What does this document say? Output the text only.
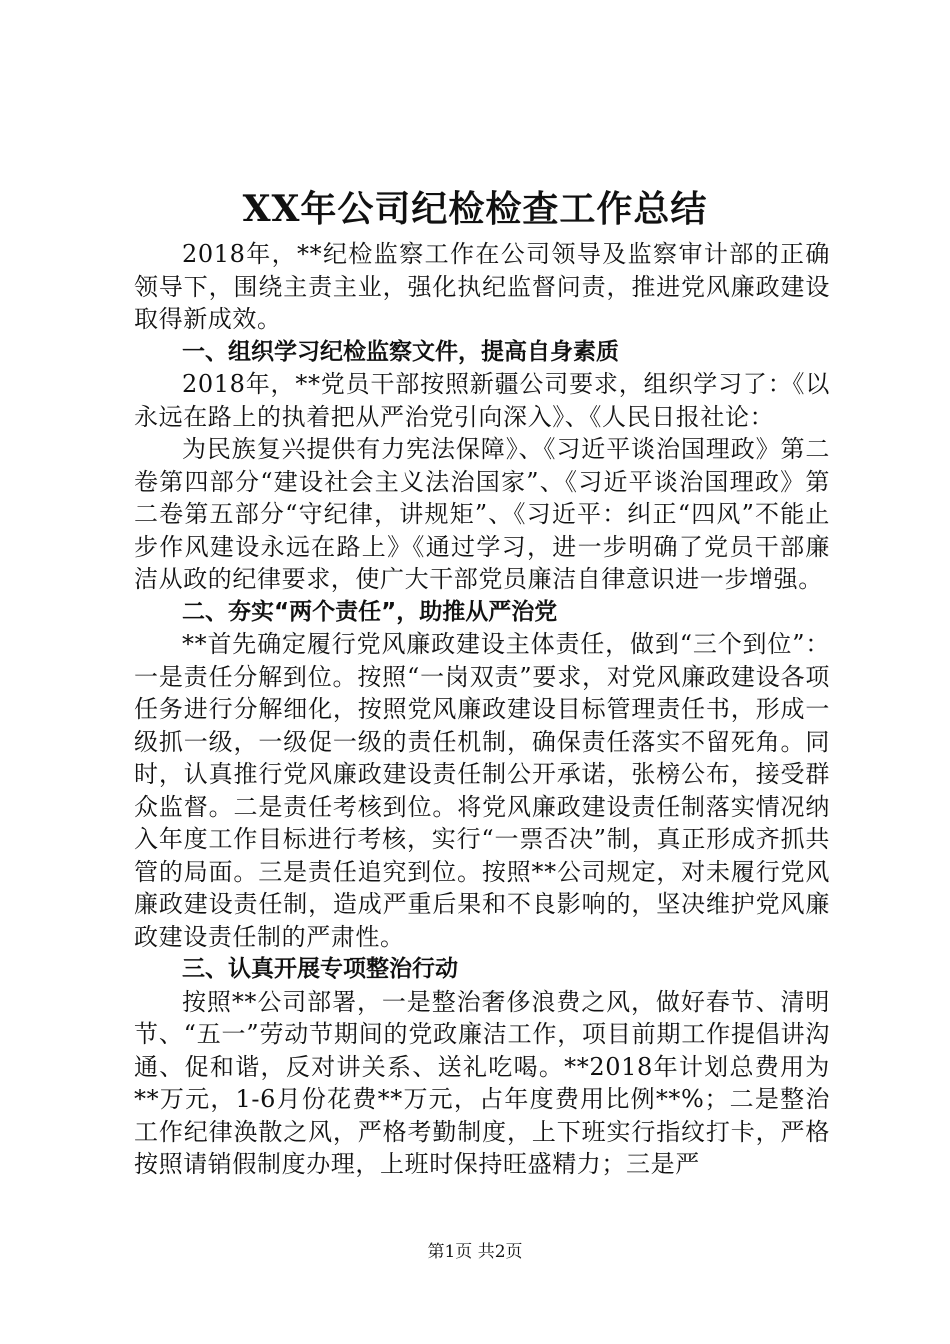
XX年公司纪检检查工作总结

2018年，**纪检监察工作在公司领导及监察审计部的正确领导下，围绕主责主业，强化执纪监督问责，推进党风廉政建设取得新成效。

一、组织学习纪检监察文件，提高自身素质

2018年，**党员干部按照新疆公司要求，组织学习了：《以永远在路上的执着把从严治党引向深入》、《人民日报社论：

为民族复兴提供有力宪法保障》、《习近平谈治国理政》第二卷第四部分“建设社会主义法治国家”、《习近平谈治国理政》第二卷第五部分“守纪律，讲规矩”、《习近平：纠正“四风”不能止步作风建设永远在路上》《通过学习，进一步明确了党员干部廉洁从政的纪律要求，使广大干部党员廉洁自律意识进一步增强。

二、夯实“两个责任”，助推从严治党

**首先确定履行党风廉政建设主体责任，做到“三个到位”：一是责任分解到位。按照“一岗双责”要求，对党风廉政建设各项任务进行分解细化，按照党风廉政建设目标管理责任书，形成一级抓一级，一级促一级的责任机制，确保责任落实不留死角。同时，认真推行党风廉政建设责任制公开承诺，张榜公布，接受群众监督。二是责任考核到位。将党风廉政建设责任制落实情况纳入年度工作目标进行考核，实行“一票否决”制，真正形成齐抓共管的局面。三是责任追究到位。按照**公司规定，对未履行党风廉政建设责任制，造成严重后果和不良影响的，坚决维护党风廉政建设责任制的严肃性。

三、认真开展专项整治行动

按照**公司部署，一是整治奢侈浪费之风，做好春节、清明节、“五一”劳动节期间的党政廉洁工作，项目前期工作提倡讲沟通、促和谐，反对讲关系、送礼吃喝。**2018年计划总费用为**万元，1-6月份花费**万元，占年度费用比例**%；二是整治工作纪律涣散之风，严格考勤制度，上下班实行指纹打卡，严格按照请销假制度办理，上班时保持旺盛精力；三是严

第1页 共2页
